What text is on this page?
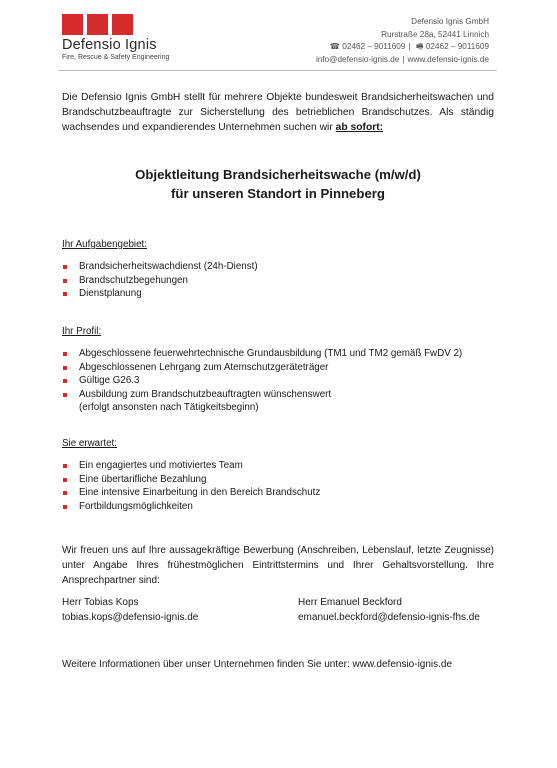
Defensio Ignis
Fire, Rescue & Safety Engineering
Defensio Ignis GmbH
Rurstraße 28a, 52441 Linnich
☎ 02462 – 9011609 | 🖷 02462 – 9011609
info@defensio-ignis.de | www.defensio-ignis.de
Die Defensio Ignis GmbH stellt für mehrere Objekte bundesweit Brandsicherheitswachen und Brandschutzbeauftragte zur Sicherstellung des betrieblichen Brandschutzes. Als ständig wachsendes und expandierendes Unternehmen suchen wir ab sofort:
Objektleitung Brandsicherheitswache (m/w/d)
für unseren Standort in Pinneberg
Ihr Aufgabengebiet:
Brandsicherheitswachdienst (24h-Dienst)
Brandschutzbegehungen
Dienstplanung
Ihr Profil:
Abgeschlossene feuerwehrtechnische Grundausbildung (TM1 und TM2 gemäß FwDV 2)
Abgeschlossenen Lehrgang zum Atemschutzgeräteträger
Gültige G26.3
Ausbildung zum Brandschutzbeauftragten wünschenswert
(erfolgt ansonsten nach Tätigkeitsbeginn)
Sie erwartet:
Ein engagiertes und motiviertes Team
Eine übertarifliche Bezahlung
Eine intensive Einarbeitung in den Bereich Brandschutz
Fortbildungsmöglichkeiten
Wir freuen uns auf Ihre aussagekräftige Bewerbung (Anschreiben, Lebenslauf, letzte Zeugnisse) unter Angabe Ihres frühestmöglichen Eintrittstermins und Ihrer Gehaltsvorstellung. Ihre Ansprechpartner sind:
Herr Tobias Kops
tobias.kops@defensio-ignis.de
Herr Emanuel Beckford
emanuel.beckford@defensio-ignis-fhs.de
Weitere Informationen über unser Unternehmen finden Sie unter: www.defensio-ignis.de
